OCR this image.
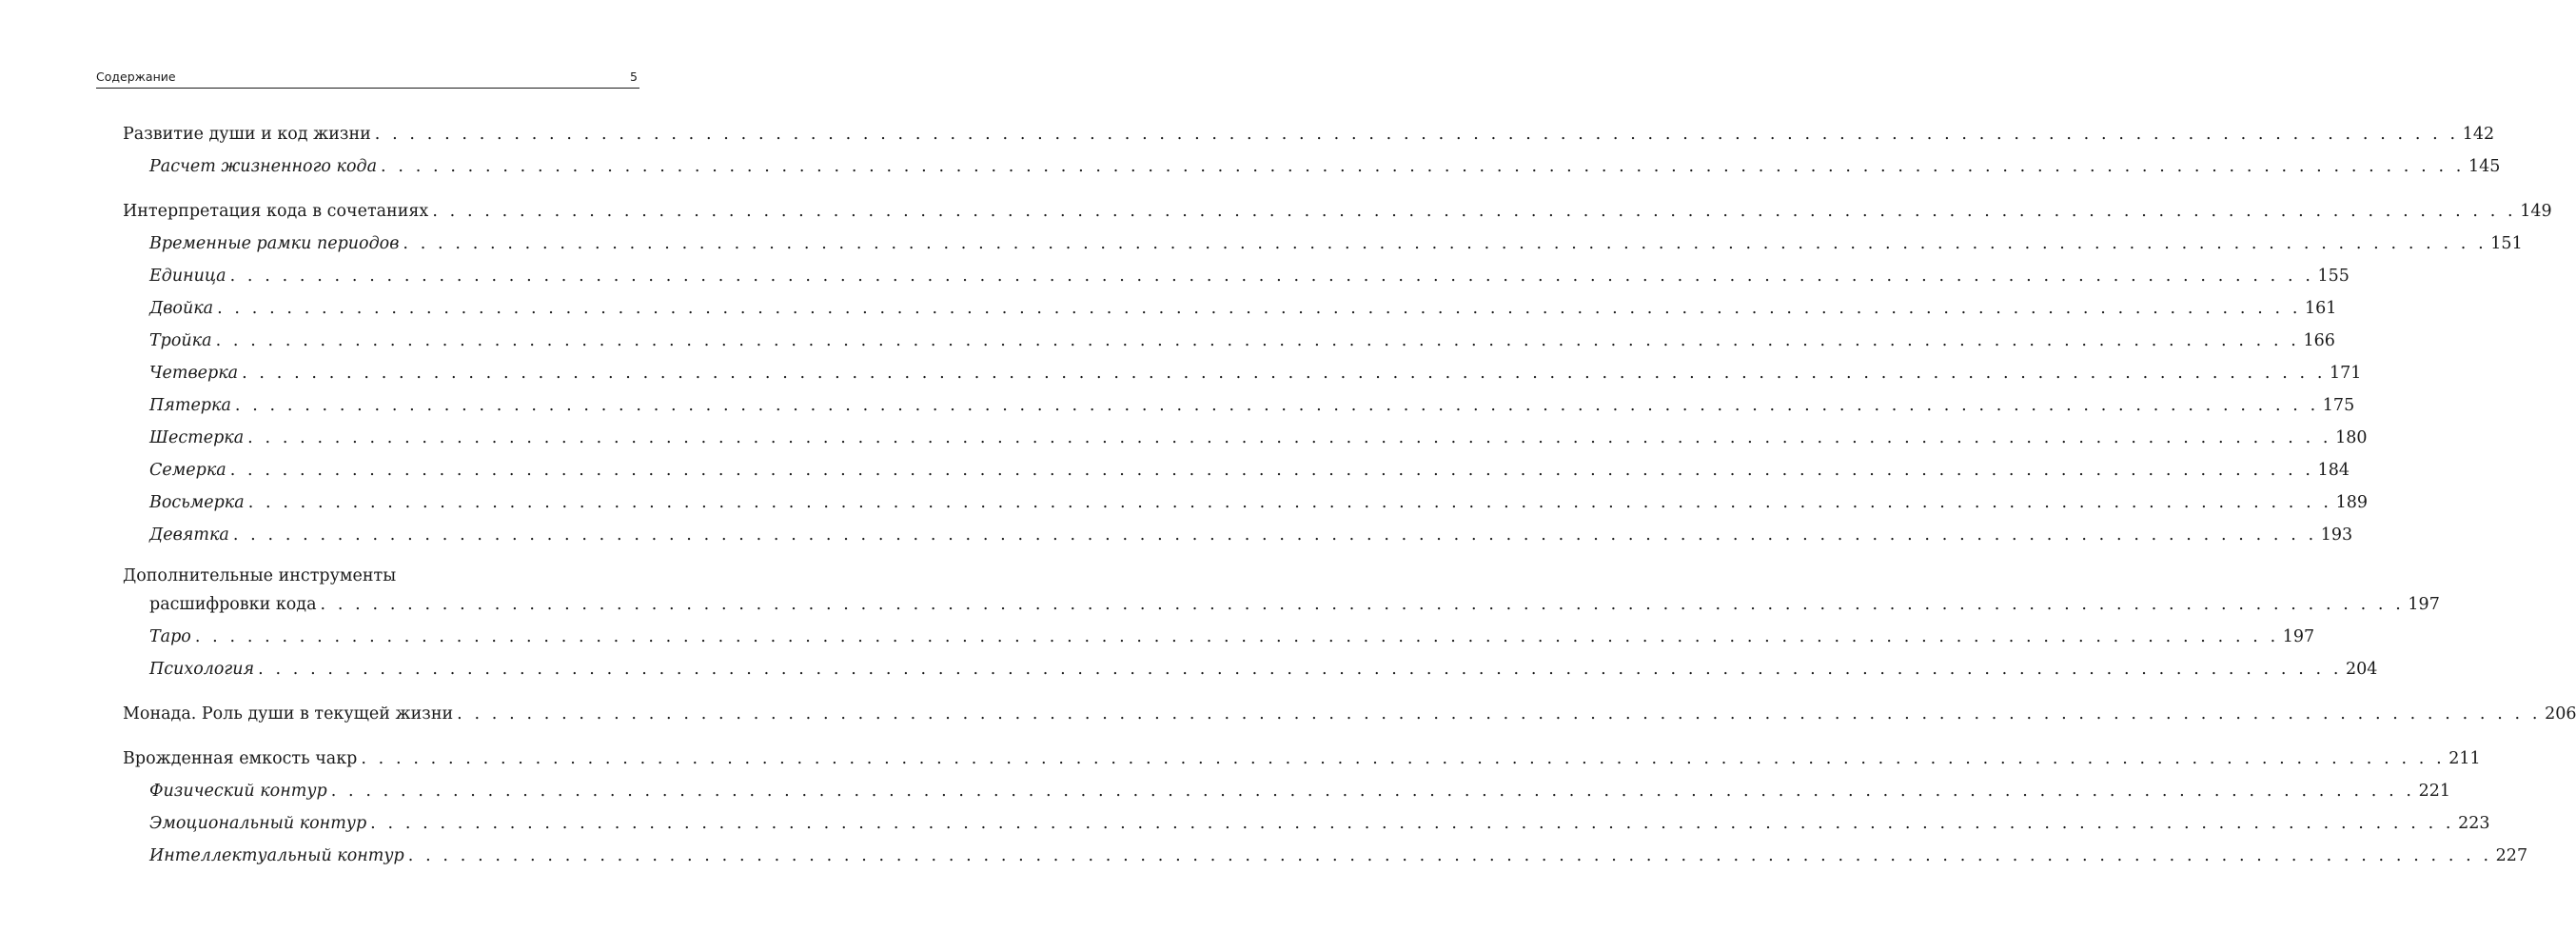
Содержание	5
Развитие души и код жизни . . . . . . . . . . . . . . . . . . . . . . . . . . . . . . . . . . . . . . . . . . . . . . . . . . . . . . . . . . . . . . . . . . . . . . . . . . . . . . . . . . . . . . . . . . . . . . . . . . . . . . . . . . . . . . . . . . . . . . . . 142
Расчет жизненного кода . . . . . . . . . . . . . . . . . . . . . . . . . . . . . . . . . . . . . . . . . . . . . . . . . . . . . . . . . . . . . . . . . . . . . . . . . . . . . . . . . . . . . . . . . . . . . . . . . . . . . . . . . . . . . . . . . . . . . . . . 145
Интерпретация кода в сочетаниях . . . . . . . . . . . . . . . . . . . . . . . . . . . . . . . . . . . . . . . . . . . . . . . . . . . . . . . . . . . . . . . . . . . . . . . . . . . . . . . . . . . . . . . . . . . . . . . . . . . . . . . . . . . . . . . . . . . . . . . . 149
Временные рамки периодов . . . . . . . . . . . . . . . . . . . . . . . . . . . . . . . . . . . . . . . . . . . . . . . . . . . . . . . . . . . . . . . . . . . . . . . . . . . . . . . . . . . . . . . . . . . . . . . . . . . . . . . . . . . . . . . . . . . . . . . . 151
Единица . . . . . . . . . . . . . . . . . . . . . . . . . . . . . . . . . . . . . . . . . . . . . . . . . . . . . . . . . . . . . . . . . . . . . . . . . . . . . . . . . . . . . . . . . . . . . . . . . . . . . . . . . . . . . . . . . . . . . . . . 155
Двойка . . . . . . . . . . . . . . . . . . . . . . . . . . . . . . . . . . . . . . . . . . . . . . . . . . . . . . . . . . . . . . . . . . . . . . . . . . . . . . . . . . . . . . . . . . . . . . . . . . . . . . . . . . . . . . . . . . . . . . . . 161
Тройка . . . . . . . . . . . . . . . . . . . . . . . . . . . . . . . . . . . . . . . . . . . . . . . . . . . . . . . . . . . . . . . . . . . . . . . . . . . . . . . . . . . . . . . . . . . . . . . . . . . . . . . . . . . . . . . . . . . . . . . . 166
Четверка . . . . . . . . . . . . . . . . . . . . . . . . . . . . . . . . . . . . . . . . . . . . . . . . . . . . . . . . . . . . . . . . . . . . . . . . . . . . . . . . . . . . . . . . . . . . . . . . . . . . . . . . . . . . . . . . . . . . . . . . 171
Пятерка . . . . . . . . . . . . . . . . . . . . . . . . . . . . . . . . . . . . . . . . . . . . . . . . . . . . . . . . . . . . . . . . . . . . . . . . . . . . . . . . . . . . . . . . . . . . . . . . . . . . . . . . . . . . . . . . . . . . . . . . 175
Шестерка . . . . . . . . . . . . . . . . . . . . . . . . . . . . . . . . . . . . . . . . . . . . . . . . . . . . . . . . . . . . . . . . . . . . . . . . . . . . . . . . . . . . . . . . . . . . . . . . . . . . . . . . . . . . . . . . . . . . . . . . 180
Семерка . . . . . . . . . . . . . . . . . . . . . . . . . . . . . . . . . . . . . . . . . . . . . . . . . . . . . . . . . . . . . . . . . . . . . . . . . . . . . . . . . . . . . . . . . . . . . . . . . . . . . . . . . . . . . . . . . . . . . . . . 184
Восьмерка . . . . . . . . . . . . . . . . . . . . . . . . . . . . . . . . . . . . . . . . . . . . . . . . . . . . . . . . . . . . . . . . . . . . . . . . . . . . . . . . . . . . . . . . . . . . . . . . . . . . . . . . . . . . . . . . . . . . . . . . 189
Девятка . . . . . . . . . . . . . . . . . . . . . . . . . . . . . . . . . . . . . . . . . . . . . . . . . . . . . . . . . . . . . . . . . . . . . . . . . . . . . . . . . . . . . . . . . . . . . . . . . . . . . . . . . . . . . . . . . . . . . . . . 193
Дополнительные инструменты
расшифровки кода . . . . . . . . . . . . . . . . . . . . . . . . . . . . . . . . . . . . . . . . . . . . . . . . . . . . . . . . . . . . . . . . . . . . . . . . . . . . . . . . . . . . . . . . . . . . . . . . . . . . . . . . . . . . . . . . . . . . . . . . 197
Таро . . . . . . . . . . . . . . . . . . . . . . . . . . . . . . . . . . . . . . . . . . . . . . . . . . . . . . . . . . . . . . . . . . . . . . . . . . . . . . . . . . . . . . . . . . . . . . . . . . . . . . . . . . . . . . . . . . . . . . . . 197
Психология . . . . . . . . . . . . . . . . . . . . . . . . . . . . . . . . . . . . . . . . . . . . . . . . . . . . . . . . . . . . . . . . . . . . . . . . . . . . . . . . . . . . . . . . . . . . . . . . . . . . . . . . . . . . . . . . . . . . . . . . 204
Монада. Роль души в текущей жизни . . . . . . . . . . . . . . . . . . . . . . . . . . . . . . . . . . . . . . . . . . . . . . . . . . . . . . . . . . . . . . . . . . . . . . . . . . . . . . . . . . . . . . . . . . . . . . . . . . . . . . . . . . . . . . . . . . . . . . . . 206
Врожденная емкость чакр . . . . . . . . . . . . . . . . . . . . . . . . . . . . . . . . . . . . . . . . . . . . . . . . . . . . . . . . . . . . . . . . . . . . . . . . . . . . . . . . . . . . . . . . . . . . . . . . . . . . . . . . . . . . . . . . . . . . . . . . 211
Физический контур . . . . . . . . . . . . . . . . . . . . . . . . . . . . . . . . . . . . . . . . . . . . . . . . . . . . . . . . . . . . . . . . . . . . . . . . . . . . . . . . . . . . . . . . . . . . . . . . . . . . . . . . . . . . . . . . . . . . . . . . 221
Эмоциональный контур . . . . . . . . . . . . . . . . . . . . . . . . . . . . . . . . . . . . . . . . . . . . . . . . . . . . . . . . . . . . . . . . . . . . . . . . . . . . . . . . . . . . . . . . . . . . . . . . . . . . . . . . . . . . . . . . . . . . . . . . 223
Интеллектуальный контур . . . . . . . . . . . . . . . . . . . . . . . . . . . . . . . . . . . . . . . . . . . . . . . . . . . . . . . . . . . . . . . . . . . . . . . . . . . . . . . . . . . . . . . . . . . . . . . . . . . . . . . . . . . . . . . . . . . . . . . . 227
